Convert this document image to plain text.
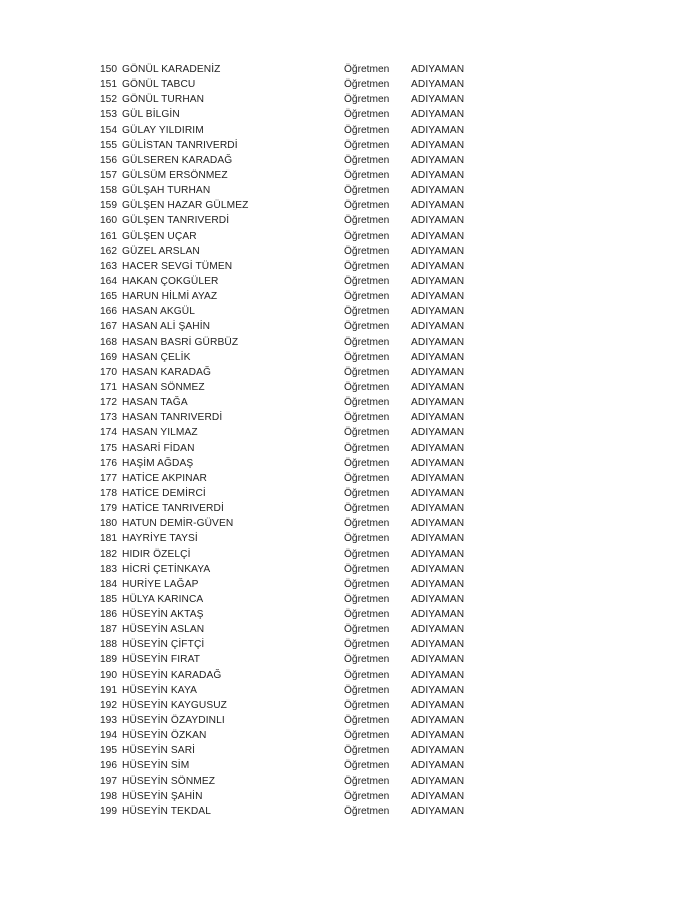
150 GÖNÜL KARADENİZ	Öğretmen ADIYAMAN
151 GÖNÜL TABCU	Öğretmen ADIYAMAN
152 GÖNÜL TURHAN	Öğretmen ADIYAMAN
153 GÜL BİLGİN	Öğretmen ADIYAMAN
154 GÜLAY YILDIRIM	Öğretmen ADIYAMAN
155 GÜLİSTAN TANRIVERDİ	Öğretmen ADIYAMAN
156 GÜLSEREN KARADAĞ	Öğretmen ADIYAMAN
157 GÜLSÜM ERSÖNMEZ	Öğretmen ADIYAMAN
158 GÜLŞAH TURHAN	Öğretmen ADIYAMAN
159 GÜLŞEN HAZAR GÜLMEZ	Öğretmen ADIYAMAN
160 GÜLŞEN TANRIVERDİ	Öğretmen ADIYAMAN
161 GÜLŞEN UÇAR	Öğretmen ADIYAMAN
162 GÜZEL ARSLAN	Öğretmen ADIYAMAN
163 HACER SEVGİ TÜMEN	Öğretmen ADIYAMAN
164 HAKAN ÇOKGÜLER	Öğretmen ADIYAMAN
165 HARUN HİLMİ AYAZ	Öğretmen ADIYAMAN
166 HASAN AKGÜL	Öğretmen ADIYAMAN
167 HASAN ALİ ŞAHİN	Öğretmen ADIYAMAN
168 HASAN BASRİ GÜRBÜZ	Öğretmen ADIYAMAN
169 HASAN ÇELİK	Öğretmen ADIYAMAN
170 HASAN KARADAĞ	Öğretmen ADIYAMAN
171 HASAN SÖNMEZ	Öğretmen ADIYAMAN
172 HASAN TAĞA	Öğretmen ADIYAMAN
173 HASAN TANRIVERDİ	Öğretmen ADIYAMAN
174 HASAN YILMAZ	Öğretmen ADIYAMAN
175 HASARİ FİDAN	Öğretmen ADIYAMAN
176 HAŞİM AĞDAŞ	Öğretmen ADIYAMAN
177 HATİCE AKPINAR	Öğretmen ADIYAMAN
178 HATİCE DEMİRCİ	Öğretmen ADIYAMAN
179 HATİCE TANRIVERDİ	Öğretmen ADIYAMAN
180 HATUN DEMİR-GÜVEN	Öğretmen ADIYAMAN
181 HAYRİYE TAYSİ	Öğretmen ADIYAMAN
182 HIDIR ÖZELÇİ	Öğretmen ADIYAMAN
183 HİCRİ ÇETİNKAYA	Öğretmen ADIYAMAN
184 HURİYE LAĞAP	Öğretmen ADIYAMAN
185 HÜLYA KARINCA	Öğretmen ADIYAMAN
186 HÜSEYİN AKTAŞ	Öğretmen ADIYAMAN
187 HÜSEYİN ASLAN	Öğretmen ADIYAMAN
188 HÜSEYİN ÇİFTÇİ	Öğretmen ADIYAMAN
189 HÜSEYİN FIRAT	Öğretmen ADIYAMAN
190 HÜSEYİN KARADAĞ	Öğretmen ADIYAMAN
191 HÜSEYİN KAYA	Öğretmen ADIYAMAN
192 HÜSEYİN KAYGUSUZ	Öğretmen ADIYAMAN
193 HÜSEYİN ÖZAYDINLI	Öğretmen ADIYAMAN
194 HÜSEYİN ÖZKAN	Öğretmen ADIYAMAN
195 HÜSEYİN SARİ	Öğretmen ADIYAMAN
196 HÜSEYİN SİM	Öğretmen ADIYAMAN
197 HÜSEYİN SÖNMEZ	Öğretmen ADIYAMAN
198 HÜSEYİN ŞAHİN	Öğretmen ADIYAMAN
199 HÜSEYİN TEKDAL	Öğretmen ADIYAMAN
